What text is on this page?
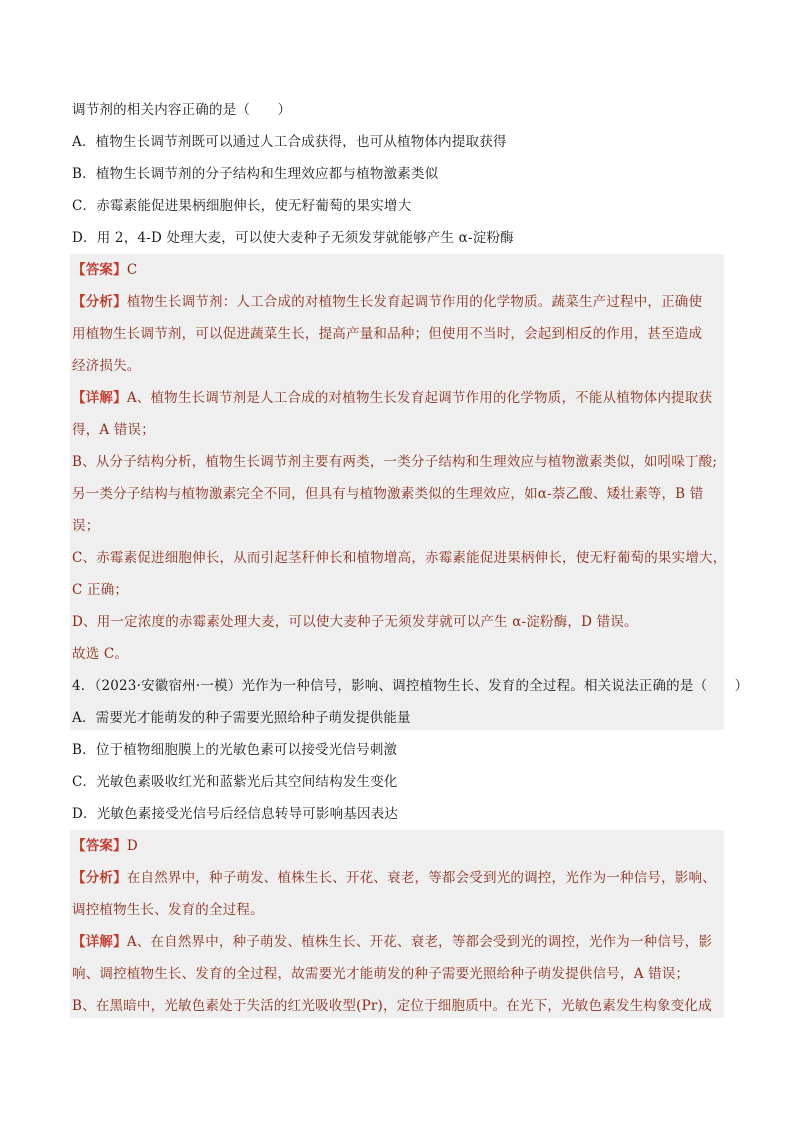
调节剂的相关内容正确的是（　　）
A．植物生长调节剂既可以通过人工合成获得，也可从植物体内提取获得
B．植物生长调节剂的分子结构和生理效应都与植物激素类似
C．赤霉素能促进果柄细胞伸长，使无籽葡萄的果实增大
D．用 2，4-D 处理大麦，可以使大麦种子无须发芽就能够产生 α-淀粉酶
【答案】C
【分析】植物生长调节剂：人工合成的对植物生长发育起调节作用的化学物质。蔬菜生产过程中，正确使
用植物生长调节剂，可以促进蔬菜生长，提高产量和品种；但使用不当时，会起到相反的作用，甚至造成
经济损失。
【详解】A、植物生长调节剂是人工合成的对植物生长发育起调节作用的化学物质，不能从植物体内提取获
得，A 错误；
B、从分子结构分析，植物生长调节剂主要有两类，一类分子结构和生理效应与植物激素类似，如吲哚丁酸;
另一类分子结构与植物激素完全不同，但具有与植物激素类似的生理效应，如α-萘乙酸、矮壮素等，B 错
误；
C、赤霉素促进细胞伸长，从而引起茎秆伸长和植物增高，赤霉素能促进果柄伸长，使无籽葡萄的果实增大，
C 正确；
D、用一定浓度的赤霉素处理大麦，可以使大麦种子无须发芽就可以产生 α-淀粉酶，D 错误。
故选 C。
4．（2023·安徽宿州·一模）光作为一种信号，影响、调控植物生长、发育的全过程。相关说法正确的是（　　）
A．需要光才能萌发的种子需要光照给种子萌发提供能量
B．位于植物细胞膜上的光敏色素可以接受光信号刺激
C．光敏色素吸收红光和蓝紫光后其空间结构发生变化
D．光敏色素接受光信号后经信息转导可影响基因表达
【答案】D
【分析】在自然界中，种子萌发、植株生长、开花、衰老，等都会受到光的调控，光作为一种信号，影响、
调控植物生长、发育的全过程。
【详解】A、在自然界中，种子萌发、植株生长、开花、衰老，等都会受到光的调控，光作为一种信号，影
响、调控植物生长、发育的全过程，故需要光才能萌发的种子需要光照给种子萌发提供信号，A 错误；
B、在黑暗中，光敏色素处于失活的红光吸收型(Pr)，定位于细胞质中。在光下，光敏色素发生构象变化成
